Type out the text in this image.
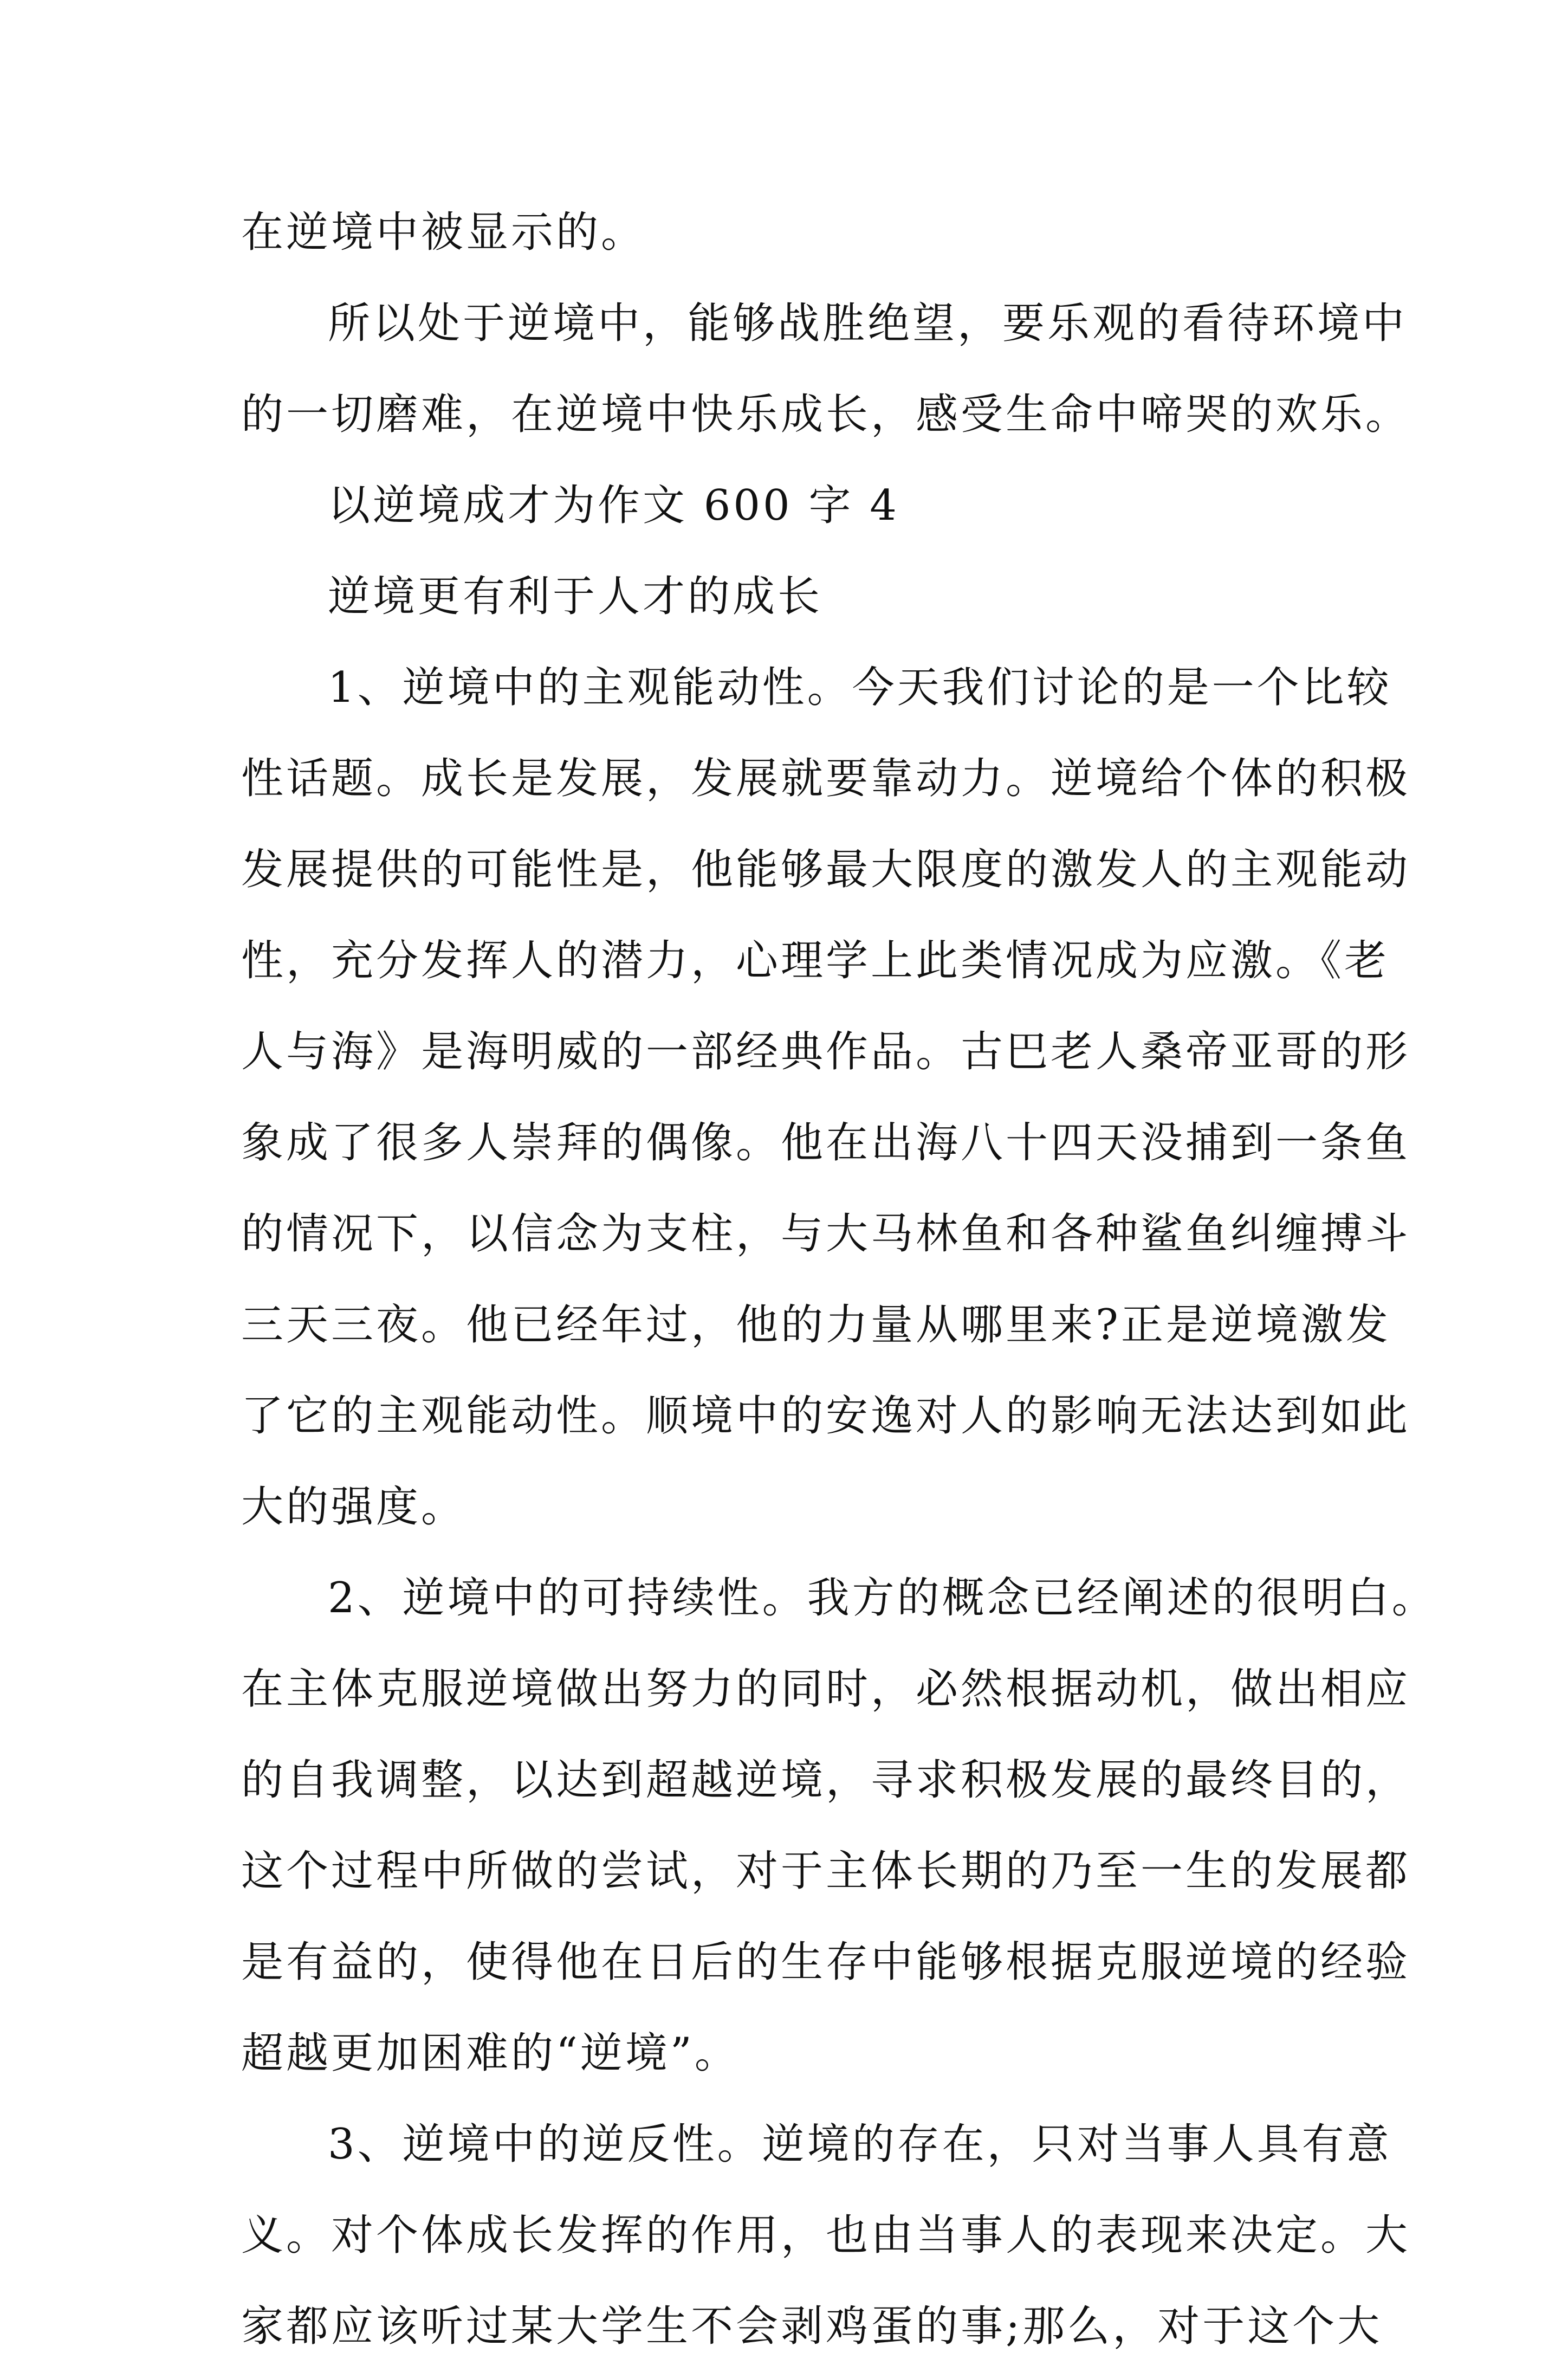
在逆境中被显示的。
所以处于逆境中，能够战胜绝望，要乐观的看待环境中
的一切磨难，在逆境中快乐成长，感受生命中啼哭的欢乐。
以逆境成才为作文 600 字 4
逆境更有利于人才的成长
1、逆境中的主观能动性。今天我们讨论的是一个比较
性话题。成长是发展，发展就要靠动力。逆境给个体的积极
发展提供的可能性是，他能够最大限度的激发人的主观能动
性，充分发挥人的潜力，心理学上此类情况成为应激。《老
人与海》是海明威的一部经典作品。古巴老人桑帝亚哥的形
象成了很多人崇拜的偶像。他在出海八十四天没捕到一条鱼
的情况下，以信念为支柱，与大马林鱼和各种鲨鱼纠缠搏斗
三天三夜。他已经年过，他的力量从哪里来?正是逆境激发
了它的主观能动性。顺境中的安逸对人的影响无法达到如此
大的强度。
2、逆境中的可持续性。我方的概念已经阐述的很明白。
在主体克服逆境做出努力的同时，必然根据动机，做出相应
的自我调整，以达到超越逆境，寻求积极发展的最终目的，
这个过程中所做的尝试，对于主体长期的乃至一生的发展都
是有益的，使得他在日后的生存中能够根据克服逆境的经验
超越更加困难的“逆境”。
3、逆境中的逆反性。逆境的存在，只对当事人具有意
义。对个体成长发挥的作用，也由当事人的表现来决定。大
家都应该听过某大学生不会剥鸡蛋的事;那么，对于这个大
